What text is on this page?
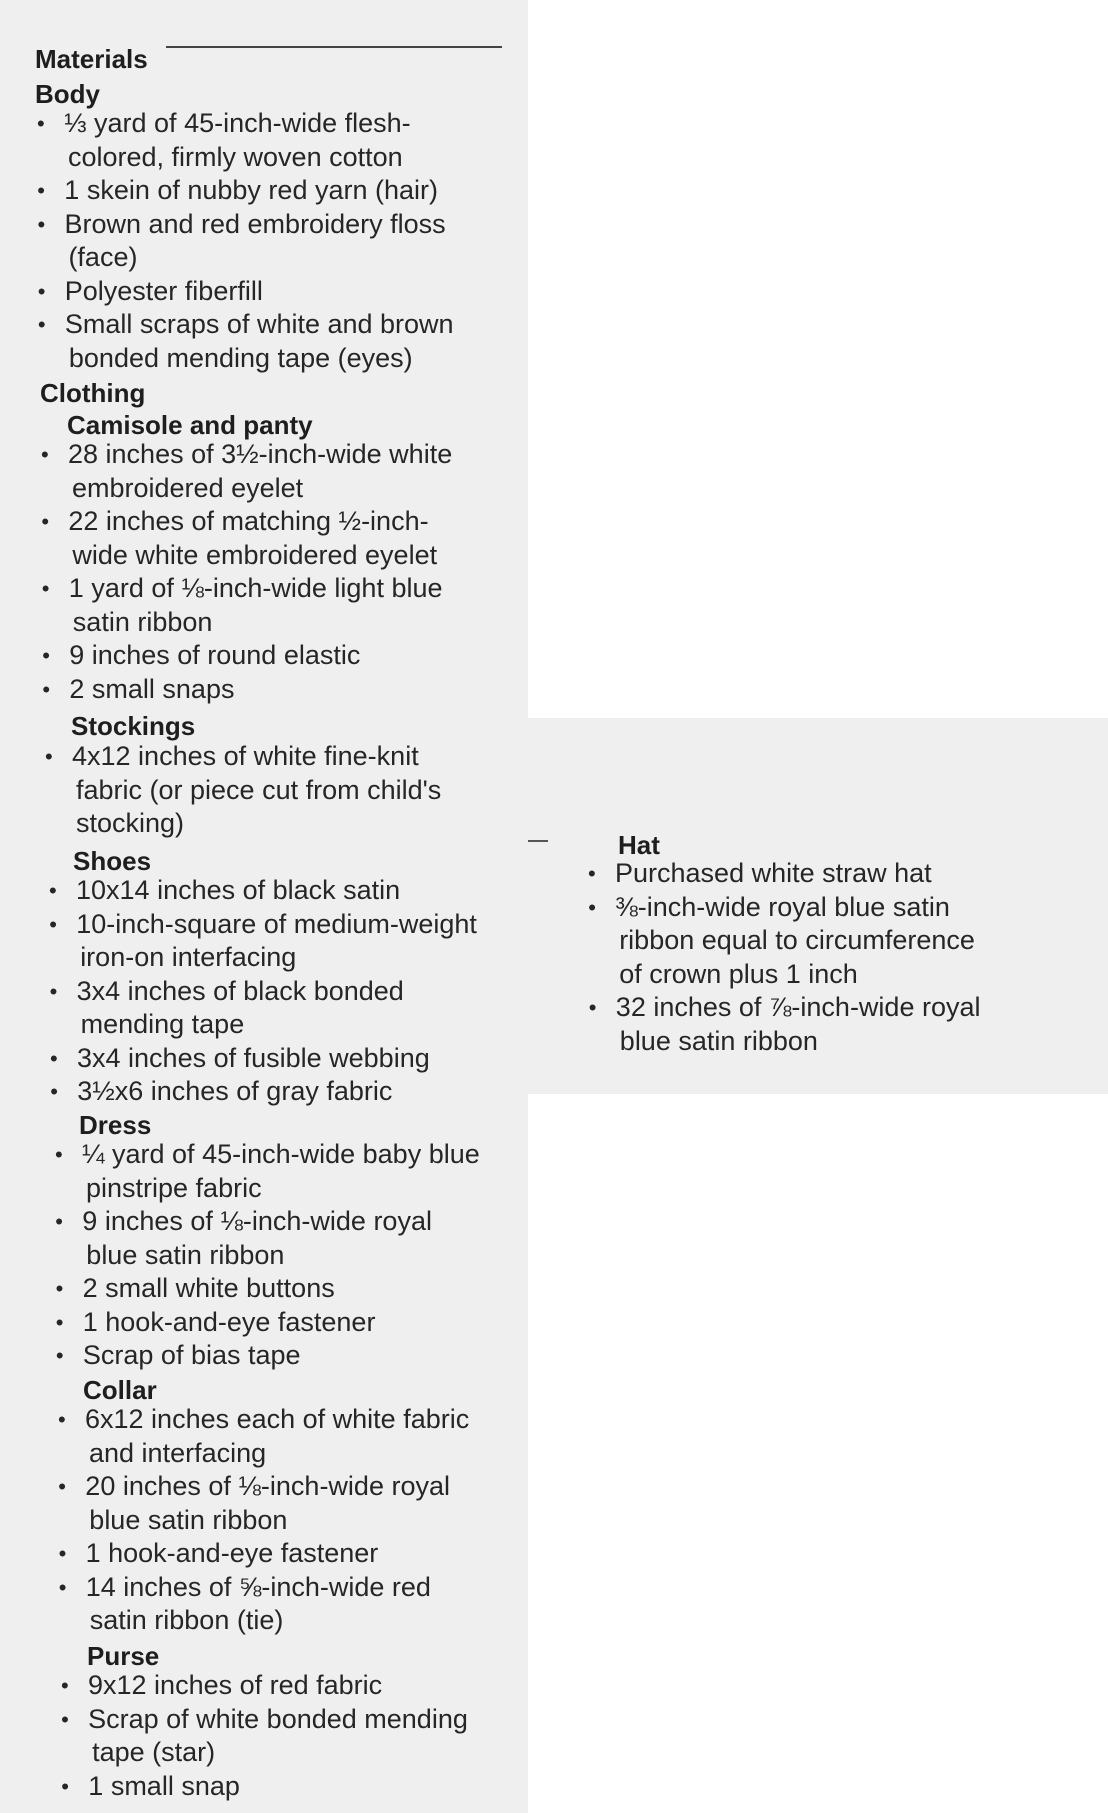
Materials
Body
• ⅓ yard of 45-inch-wide flesh-
colored, firmly woven cotton
• 1 skein of nubby red yarn (hair)
• Brown and red embroidery floss
(face)
• Polyester fiberfill
• Small scraps of white and brown
bonded mending tape (eyes)
Clothing
Camisole and panty
• 28 inches of 3½-inch-wide white
embroidered eyelet
• 22 inches of matching ½-inch-
wide white embroidered eyelet
• 1 yard of ⅛-inch-wide light blue
satin ribbon
• 9 inches of round elastic
• 2 small snaps
Stockings
• 4x12 inches of white fine-knit
fabric (or piece cut from child's
stocking)
Shoes
• 10x14 inches of black satin
• 10-inch-square of medium-weight
iron-on interfacing
• 3x4 inches of black bonded
mending tape
• 3x4 inches of fusible webbing
• 3½x6 inches of gray fabric
Dress
• ¼ yard of 45-inch-wide baby blue
pinstripe fabric
• 9 inches of ⅛-inch-wide royal
blue satin ribbon
• 2 small white buttons
• 1 hook-and-eye fastener
• Scrap of bias tape
Collar
• 6x12 inches each of white fabric
and interfacing
• 20 inches of ⅛-inch-wide royal
blue satin ribbon
• 1 hook-and-eye fastener
• 14 inches of ⅝-inch-wide red
satin ribbon (tie)
Purse
• 9x12 inches of red fabric
• Scrap of white bonded mending
tape (star)
• 1 small snap
Hat
• Purchased white straw hat
• ⅜-inch-wide royal blue satin
ribbon equal to circumference
of crown plus 1 inch
• 32 inches of ⅞-inch-wide royal
blue satin ribbon
